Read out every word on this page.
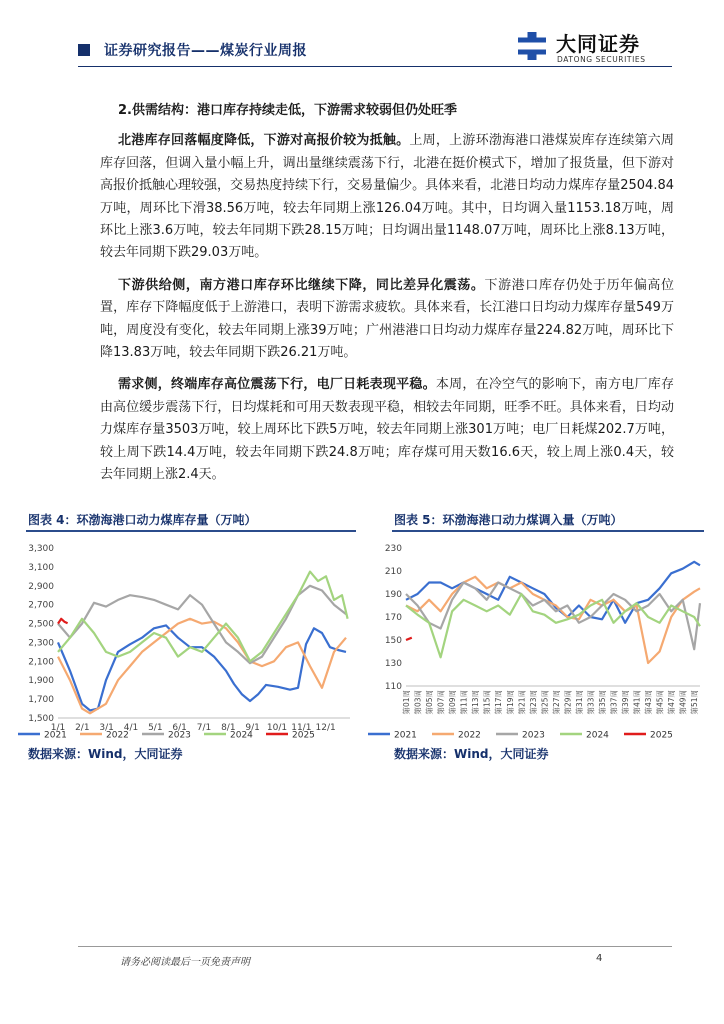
证券研究报告——煤炭行业周报	大同证券
DATONG SECURITIES
2.供需结构：港口库存持续走低，下游需求较弱但仍处旺季

北港库存回落幅度降低，下游对高报价较为抵触。上周，上游环渤海港口港煤炭库存连续第六周库存回落，但调入量小幅上升，调出量继续震荡下行，北港在挺价模式下，增加了报货量，但下游对高报价抵触心理较强，交易热度持续下行，交易量偏少。具体来看，北港日均动力煤库存量2504.84万吨，周环比下滑38.56万吨，较去年同期上涨126.04万吨。其中，日均调入量1153.18万吨，周环比上涨3.6万吨，较去年同期下跌28.15万吨；日均调出量1148.07万吨，周环比上涨8.13万吨，较去年同期下跌29.03万吨。

下游供给侧，南方港口库存环比继续下降，同比差异化震荡。下游港口库存仍处于历年偏高位置，库存下降幅度低于上游港口，表明下游需求疲软。具体来看，长江港口日均动力煤库存量549万吨，周度没有变化，较去年同期上涨39万吨；广州港港口日均动力煤库存量224.82万吨，周环比下降13.83万吨，较去年同期下跌26.21万吨。

需求侧，终端库存高位震荡下行，电厂日耗表现平稳。本周，在冷空气的影响下，南方电厂库存由高位缓步震荡下行，日均煤耗和可用天数表现平稳，相较去年同期，旺季不旺。具体来看，日均动力煤库存量3503万吨，较上周环比下跌5万吨，较去年同期上涨301万吨；电厂日耗煤202.7万吨，较上周下跌14.4万吨，较去年同期下跌24.8万吨；库存煤可用天数16.6天，较上周上涨0.4天，较去年同期上涨2.4天。

图表 4：环渤海港口动力煤库存量（万吨）	图表 5：环渤海港口动力煤调入量（万吨）
3,300
3,100
2,900
2,700
2,500
2,300
2,100
1,900
1,700
1,500
1/1 2/1 3/1 4/1 5/1 6/1 7/1 8/1 9/1 10/1 11/1 12/1
2021	2022	2023	2024	2025
230
210
190
170
150
130
110
第01周 第03周 第05周 第07周 第09周 第11周 第13周 第15周 第17周 第19周 第21周 第23周 第25周 第27周 第29周 第31周 第33周 第35周 第37周 第39周 第41周 第43周 第45周 第47周 第49周 第51周
2021	2022	2023	2024	2025
数据来源：Wind，大同证券	数据来源：Wind，大同证券
请务必阅读最后一页免责声明	4
